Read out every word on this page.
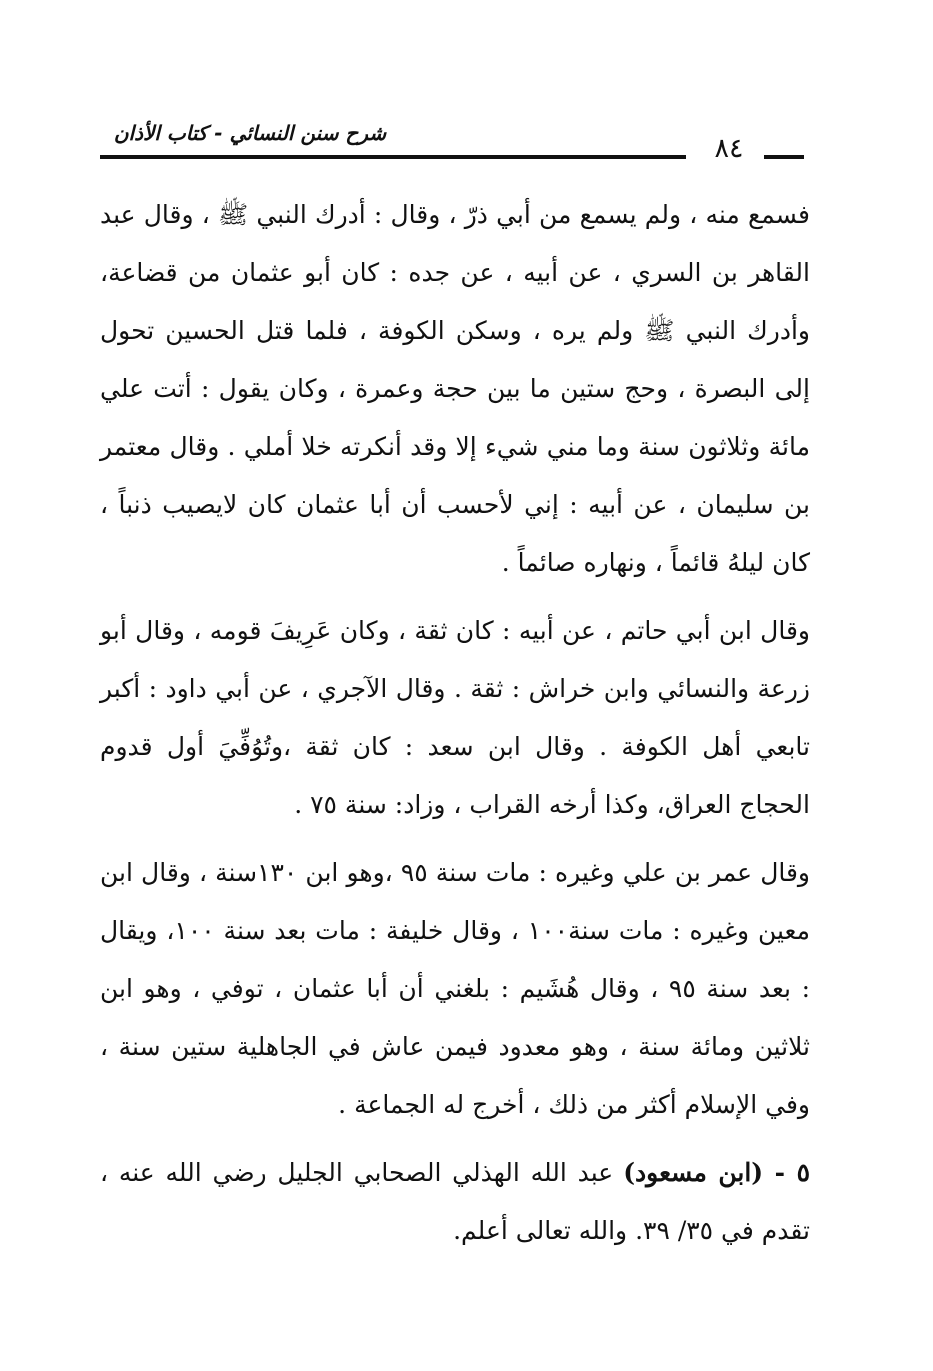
شرح سنن النسائي - كتاب الأذان	٨٤

فسمع منه ، ولم يسمع من أبي ذرّ ، وقال : أدرك النبي ﷺ ، وقال عبد القاهر بن السري ، عن أبيه ، عن جده : كان أبو عثمان من قضاعة، وأدرك النبي ﷺ ولم يره ، وسكن الكوفة ، فلما قتل الحسين تحول إلى البصرة ، وحج ستين ما بين حجة وعمرة ، وكان يقول : أتت علي مائة وثلاثون سنة وما مني شيء إلا وقد أنكرته خلا أملي . وقال معتمر بن سليمان ، عن أبيه : إني لأحسب أن أبا عثمان كان لايصيب ذنباً ، كان ليلهُ قائماً ، ونهاره صائماً .

وقال ابن أبي حاتم ، عن أبيه : كان ثقة ، وكان عَرِيفَ قومه ، وقال أبو زرعة والنسائي وابن خراش : ثقة . وقال الآجري ، عن أبي داود : أكبر تابعي أهل الكوفة . وقال ابن سعد : كان ثقة ،وتُوُفِّيَ أول قدوم الحجاج العراق، وكذا أرخه القراب ، وزاد: سنة ٧٥ .

وقال عمر بن علي وغيره : مات سنة ٩٥ ،وهو ابن ١٣٠سنة ، وقال ابن معين وغيره : مات سنة١٠٠ ، وقال خليفة : مات بعد سنة ١٠٠، ويقال : بعد سنة ٩٥ ، وقال هُشَيم : بلغني أن أبا عثمان ، توفي ، وهو ابن ثلاثين ومائة سنة ، وهو معدود فيمن عاش في الجاهلية ستين سنة ، وفي الإسلام أكثر من ذلك ، أخرج له الجماعة .

٥ - (ابن مسعود)عبد الله الهذلي الصحابي الجليل رضي الله عنه ، تقدم في ٣٥/ ٣٩. والله تعالى أعلم.
